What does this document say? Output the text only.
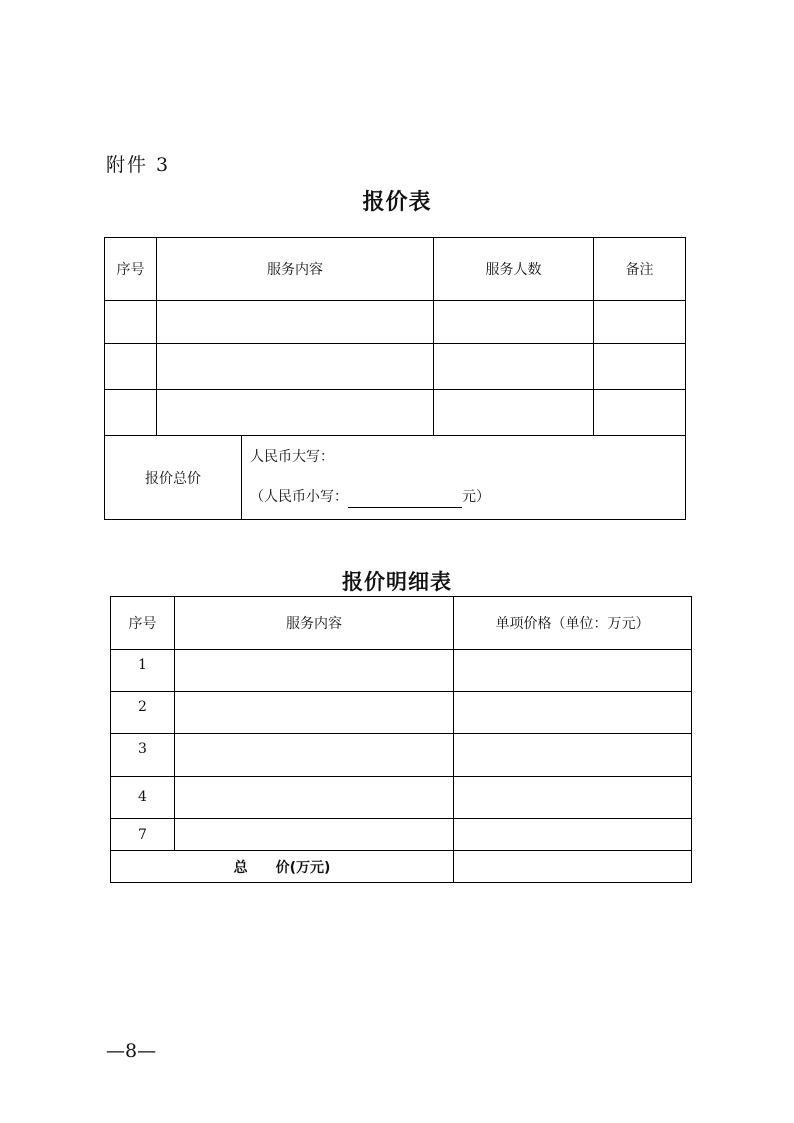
附件 3
报价表
序号	服务内容		服务人数	备注

报价总价		人民币大写：
（人民币小写： 元）		
报价明细表
序号	服务内容	单项价格（单位：万元）
1		
2		
3		
4		
7		
总　　价(万元)		
—8—
